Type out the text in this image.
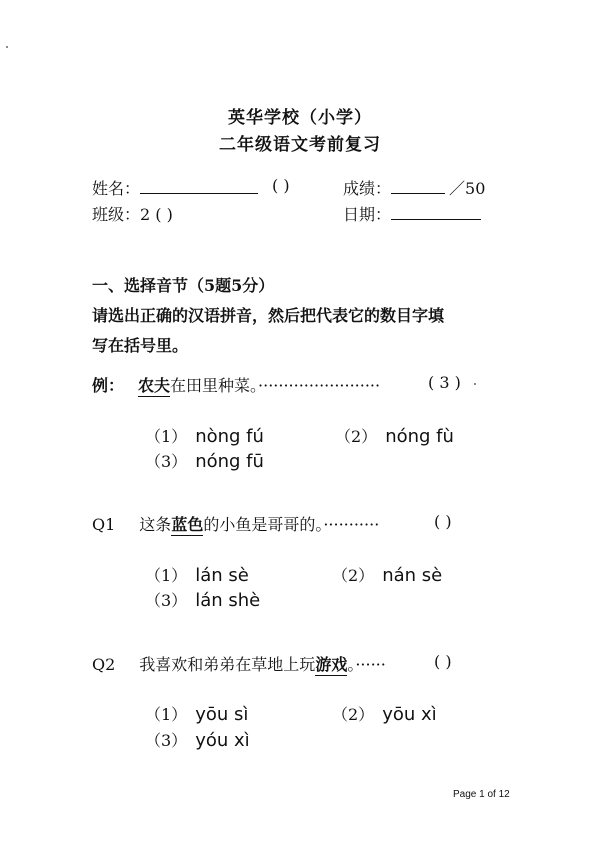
英华学校（小学）
二年级语文考前复习
姓名：	( )	成绩：	／50
班级：2 ( )	日期：
一、选择音节（5题5分）
请选出正确的汉语拼音，然后把代表它的数目字填
写在括号里。
例： 农夫在田里种菜。························	( 3 )
（1） nòng fú	（2） nóng fù
（3） nóng fū
Q1 这条蓝色的小鱼是哥哥的。···········	( )
（1） lán sè	（2） nán sè
（3） lán shè
Q2 我喜欢和弟弟在草地上玩游戏。······	( )
（1） yōu sì	（2） yōu xì
（3） yóu xì
Page 1 of 12
